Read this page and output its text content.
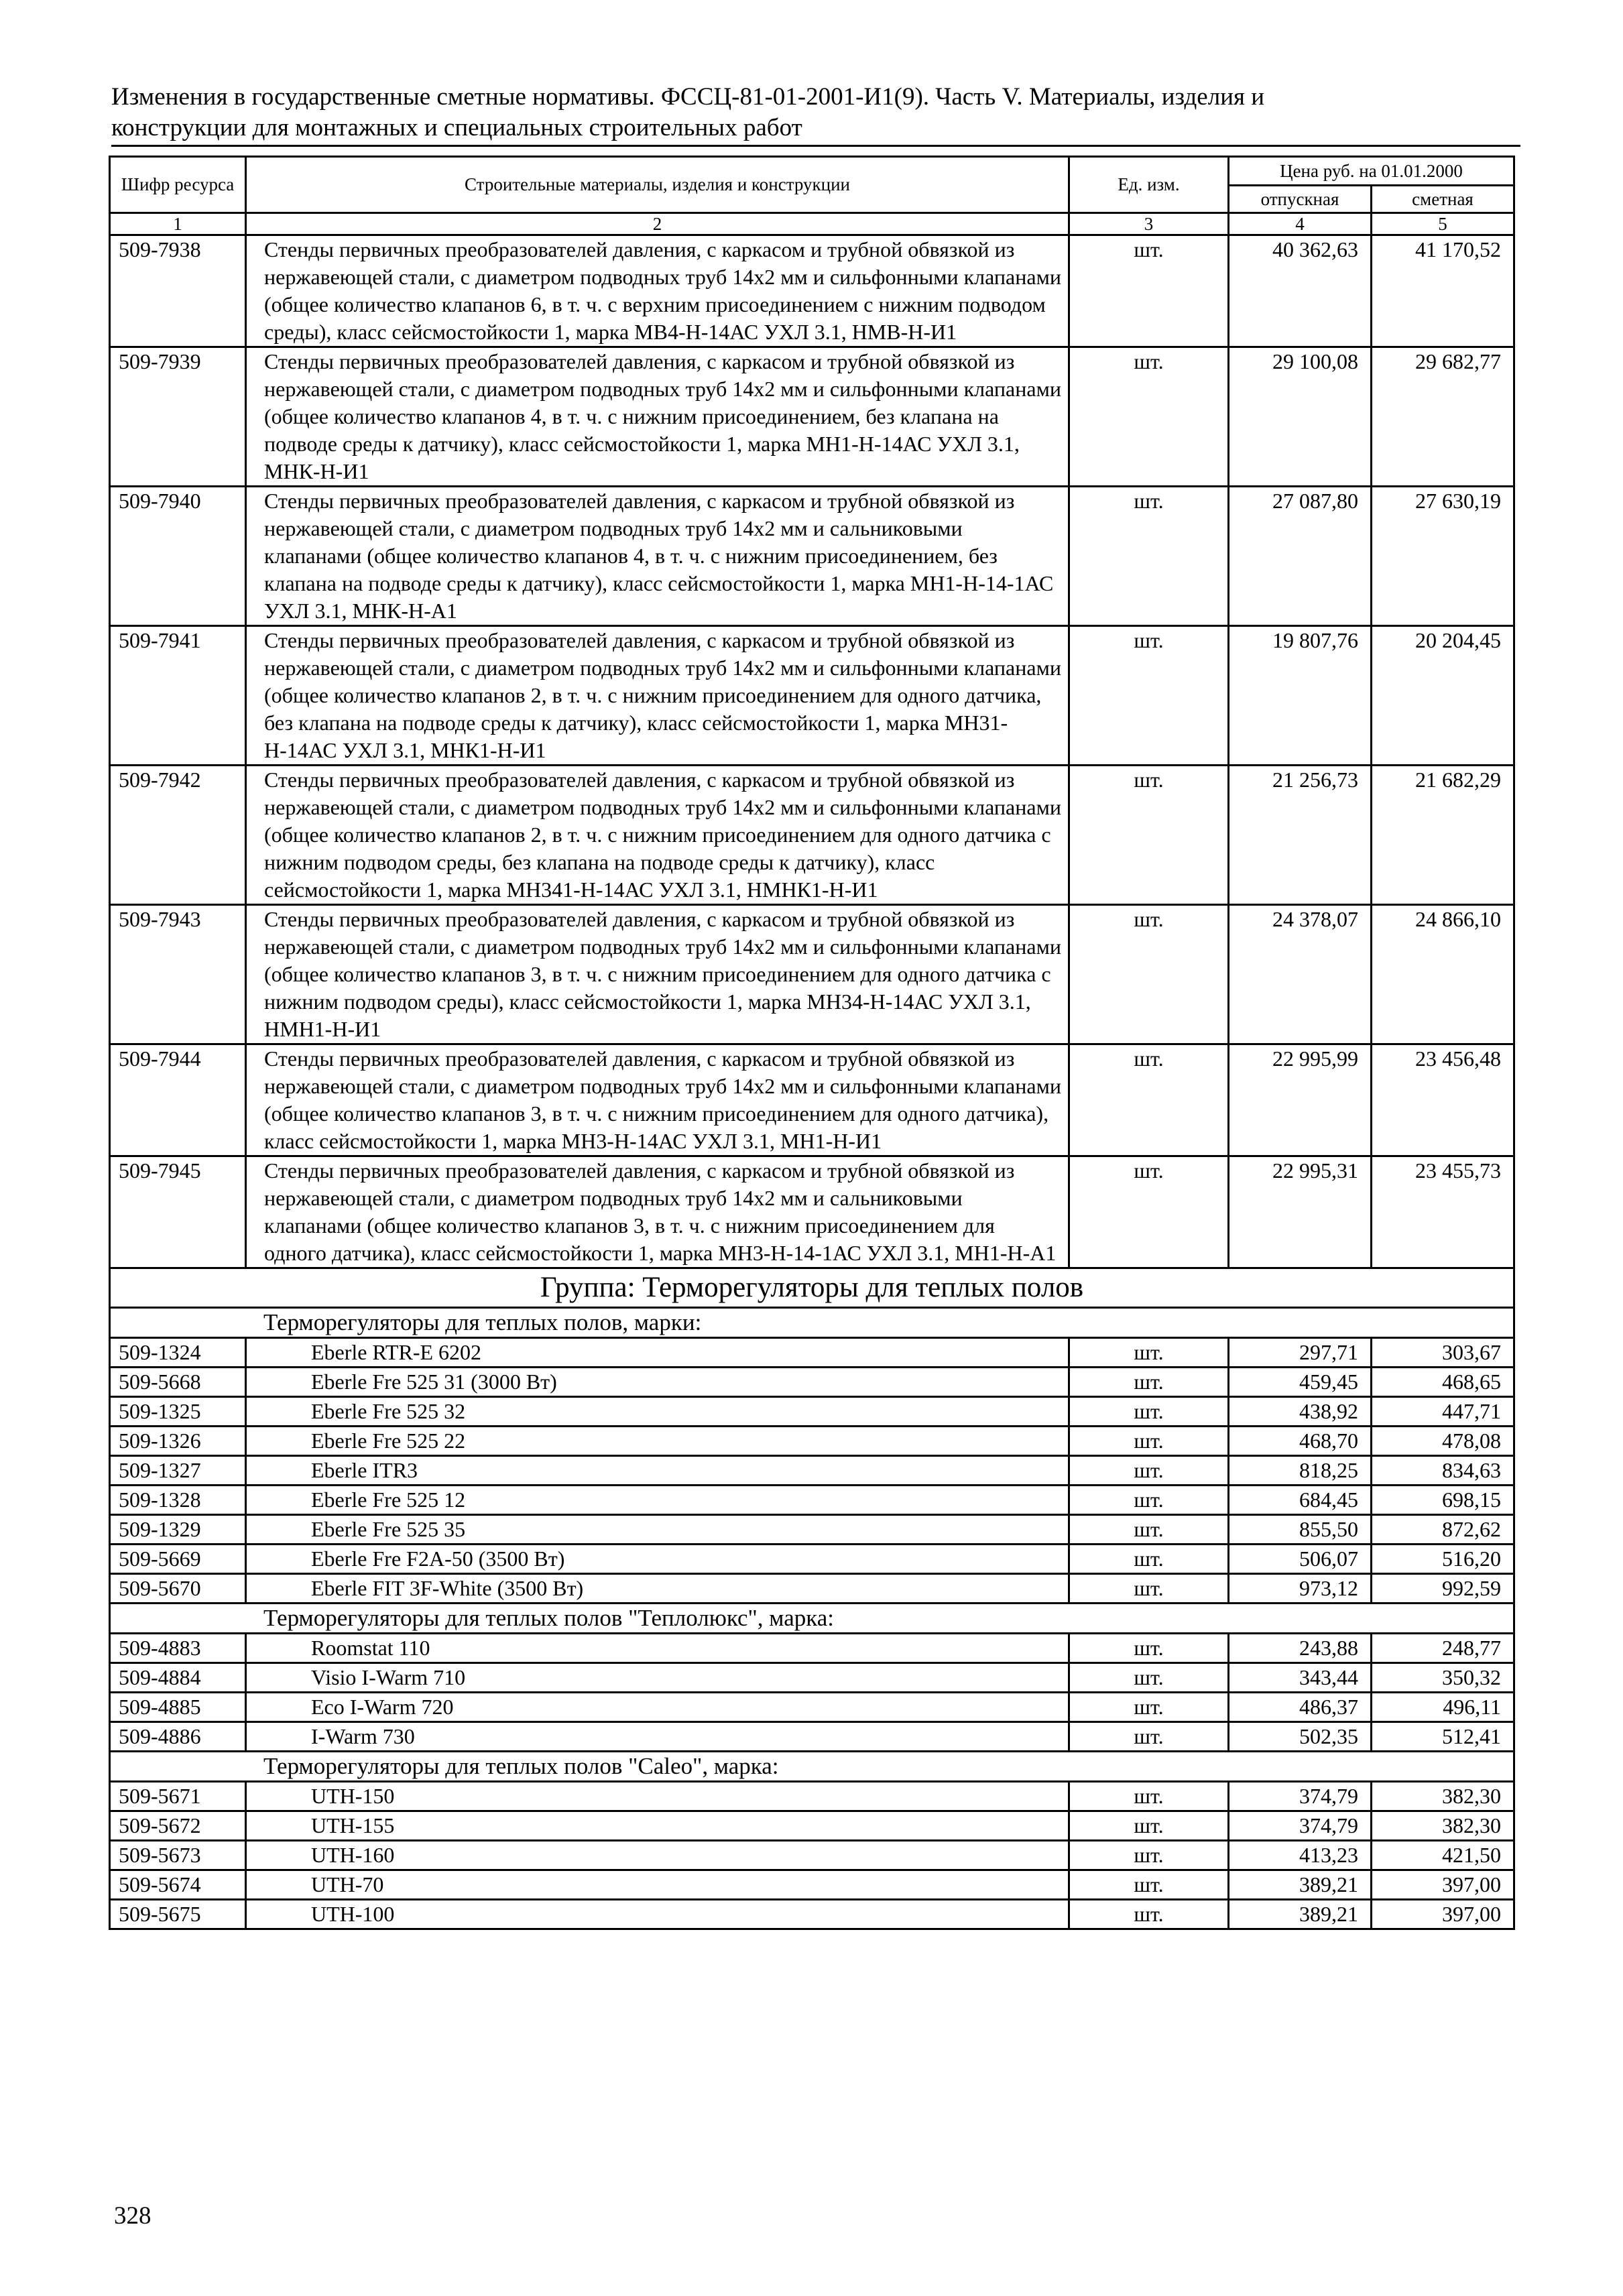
Изменения в государственные сметные нормативы. ФССЦ-81-01-2001-И1(9). Часть V. Материалы, изделия и
конструкции для монтажных и специальных строительных работ
Шифр ресурса	Строительные материалы, изделия и конструкции	Ед. изм.	Цена руб. на 01.01.2000	
			отпускная	сметная
1	2	3	4	5
509-7938	Стенды первичных преобразователей давления, с каркасом и трубной обвязкой из нержавеющей стали, с диаметром подводных труб 14х2 мм и сильфонными клапанами (общее количество клапанов 6, в т. ч. с верхним присоединением с нижним подводом среды), класс сейсмостойкости 1, марка МВ4-Н-14АС УХЛ 3.1, НМВ-Н-И1	шт.	40 362,63	41 170,52
509-7939	Стенды первичных преобразователей давления, с каркасом и трубной обвязкой из нержавеющей стали, с диаметром подводных труб 14х2 мм и сильфонными клапанами (общее количество клапанов 4, в т. ч. с нижним присоединением, без клапана на подводе среды к датчику), класс сейсмостойкости 1, марка МН1-Н-14АС УХЛ 3.1, МНК-Н-И1	шт.	29 100,08	29 682,77
509-7940	Стенды первичных преобразователей давления, с каркасом и трубной обвязкой из нержавеющей стали, с диаметром подводных труб 14х2 мм и сальниковыми клапанами (общее количество клапанов 4, в т. ч. с нижним присоединением, без клапана на подводе среды к датчику), класс сейсмостойкости 1, марка МН1-Н-14-1АС УХЛ 3.1, МНК-Н-А1	шт.	27 087,80	27 630,19
509-7941	Стенды первичных преобразователей давления, с каркасом и трубной обвязкой из нержавеющей стали, с диаметром подводных труб 14х2 мм и сильфонными клапанами (общее количество клапанов 2, в т. ч. с нижним присоединением для одного датчика, без клапана на подводе среды к датчику), класс сейсмостойкости 1, марка МН31-Н-14АС УХЛ 3.1, МНК1-Н-И1	шт.	19 807,76	20 204,45
509-7942	Стенды первичных преобразователей давления, с каркасом и трубной обвязкой из нержавеющей стали, с диаметром подводных труб 14х2 мм и сильфонными клапанами (общее количество клапанов 2, в т. ч. с нижним присоединением для одного датчика с нижним подводом среды, без клапана на подводе среды к датчику), класс сейсмостойкости 1, марка МН341-Н-14АС УХЛ 3.1, НМНК1-Н-И1	шт.	21 256,73	21 682,29
509-7943	Стенды первичных преобразователей давления, с каркасом и трубной обвязкой из нержавеющей стали, с диаметром подводных труб 14х2 мм и сильфонными клапанами (общее количество клапанов 3, в т. ч. с нижним присоединением для одного датчика с нижним подводом среды), класс сейсмостойкости 1, марка МН34-Н-14АС УХЛ 3.1, НМН1-Н-И1	шт.	24 378,07	24 866,10
509-7944	Стенды первичных преобразователей давления, с каркасом и трубной обвязкой из нержавеющей стали, с диаметром подводных труб 14х2 мм и сильфонными клапанами (общее количество клапанов 3, в т. ч. с нижним присоединением для одного датчика), класс сейсмостойкости 1, марка МН3-Н-14АС УХЛ 3.1, МН1-Н-И1	шт.	22 995,99	23 456,48
509-7945	Стенды первичных преобразователей давления, с каркасом и трубной обвязкой из нержавеющей стали, с диаметром подводных труб 14х2 мм и сальниковыми клапанами (общее количество клапанов 3, в т. ч. с нижним присоединением для одного датчика), класс сейсмостойкости 1, марка МН3-Н-14-1АС УХЛ 3.1, МН1-Н-А1	шт.	22 995,31	23 455,73
Группа: Терморегуляторы для теплых полов				
Терморегуляторы для теплых полов, марки:				
509-1324	Eberle RTR-E 6202	шт.	297,71	303,67
509-5668	Eberle Fre 525 31 (3000 Вт)	шт.	459,45	468,65
509-1325	Eberle Fre 525 32	шт.	438,92	447,71
509-1326	Eberle Fre 525 22	шт.	468,70	478,08
509-1327	Eberle ITR3	шт.	818,25	834,63
509-1328	Eberle Fre 525 12	шт.	684,45	698,15
509-1329	Eberle Fre 525 35	шт.	855,50	872,62
509-5669	Eberle Fre F2A-50 (3500 Вт)	шт.	506,07	516,20
509-5670	Eberle FIT 3F-White (3500 Вт)	шт.	973,12	992,59
Терморегуляторы для теплых полов "Теплолюкс", марка:				
509-4883	Roomstat 110	шт.	243,88	248,77
509-4884	Visio I-Warm 710	шт.	343,44	350,32
509-4885	Eco I-Warm 720	шт.	486,37	496,11
509-4886	I-Warm 730	шт.	502,35	512,41
Терморегуляторы для теплых полов "Caleo", марка:				
509-5671	UTH-150	шт.	374,79	382,30
509-5672	UTH-155	шт.	374,79	382,30
509-5673	UTH-160	шт.	413,23	421,50
509-5674	UTH-70	шт.	389,21	397,00
509-5675	UTH-100	шт.	389,21	397,00
328
